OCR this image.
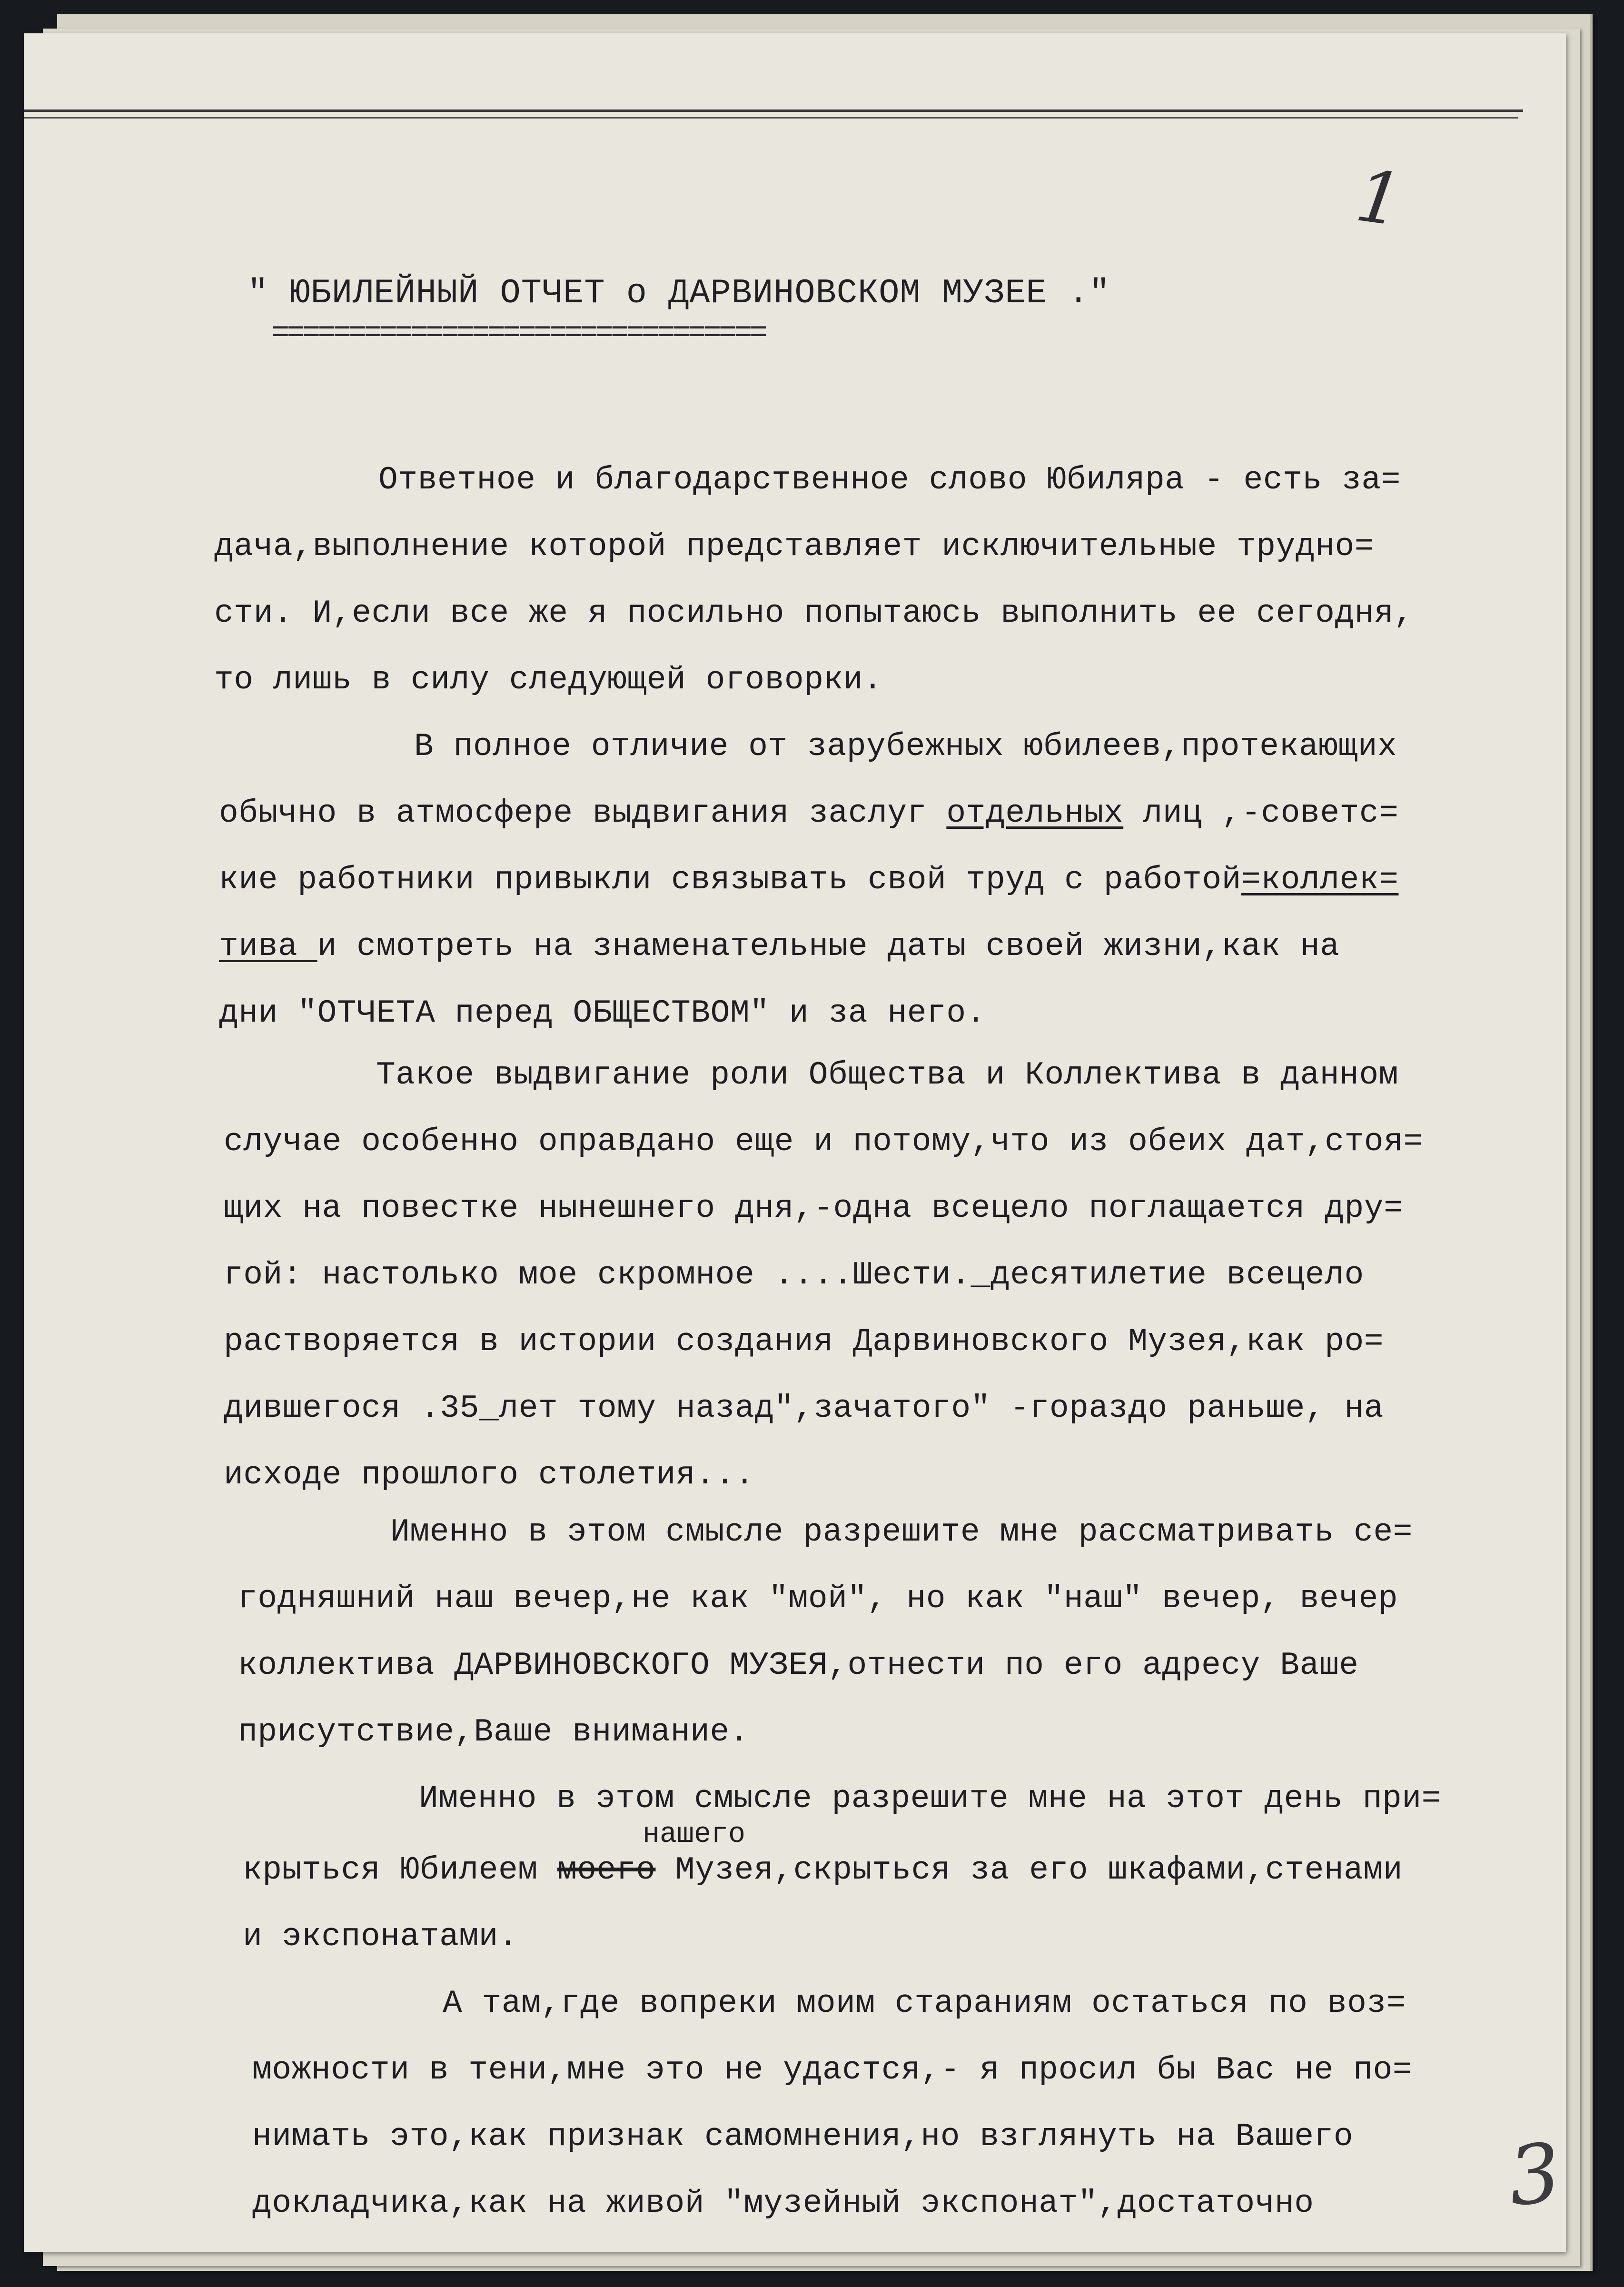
1
" ЮБИЛЕЙНЫЙ ОТЧЕТ о ДАРВИНОВСКОМ МУЗЕЕ ."
================================
Ответное и благодарственное слово Юбиляра - есть за=
дача,выполнение которой представляет исключительные трудно=
сти. И,если все же я посильно попытаюсь выполнить ее сегодня,
то лишь в силу следующей оговорки.
В полное отличие от зарубежных юбилеев,протекающих
обычно в атмосфере выдвигания заслуг отдельных лиц ,-советс=
кие работники привыкли связывать свой труд с работой=коллек=
тива и смотреть на знаменательные даты своей жизни,как на
дни "ОТЧЕТА перед ОБЩЕСТВОМ" и за него.
Такое выдвигание роли Общества и Коллектива в данном
случае особенно оправдано еще и потому,что из обеих дат,стоя=
щих на повестке нынешнего дня,-одна всецело поглащается дру=
гой: настолько мое скромное ....Шести._десятилетие всецело
растворяется в истории создания Дарвиновского Музея,как ро=
дившегося .35_лет тому назад",зачатого" -гораздо раньше, на
исходе прошлого столетия...
Именно в этом смысле разрешите мне рассматривать се=
годняшний наш вечер,не как "мой", но как "наш" вечер, вечер
коллектива ДАРВИНОВСКОГО МУЗЕЯ,отнести по его адресу Ваше
присутствие,Ваше внимание.
Именно в этом смысле разрешите мне на этот день при=
нашего
крыться Юбилеем моего Музея,скрыться за его шкафами,стенами
и экспонатами.
А там,где вопреки моим стараниям остаться по воз=
можности в тени,мне это не удастся,- я просил бы Вас не по=
нимать это,как признак самомнения,но взглянуть на Вашего
докладчика,как на живой "музейный экспонат",достаточно 3
